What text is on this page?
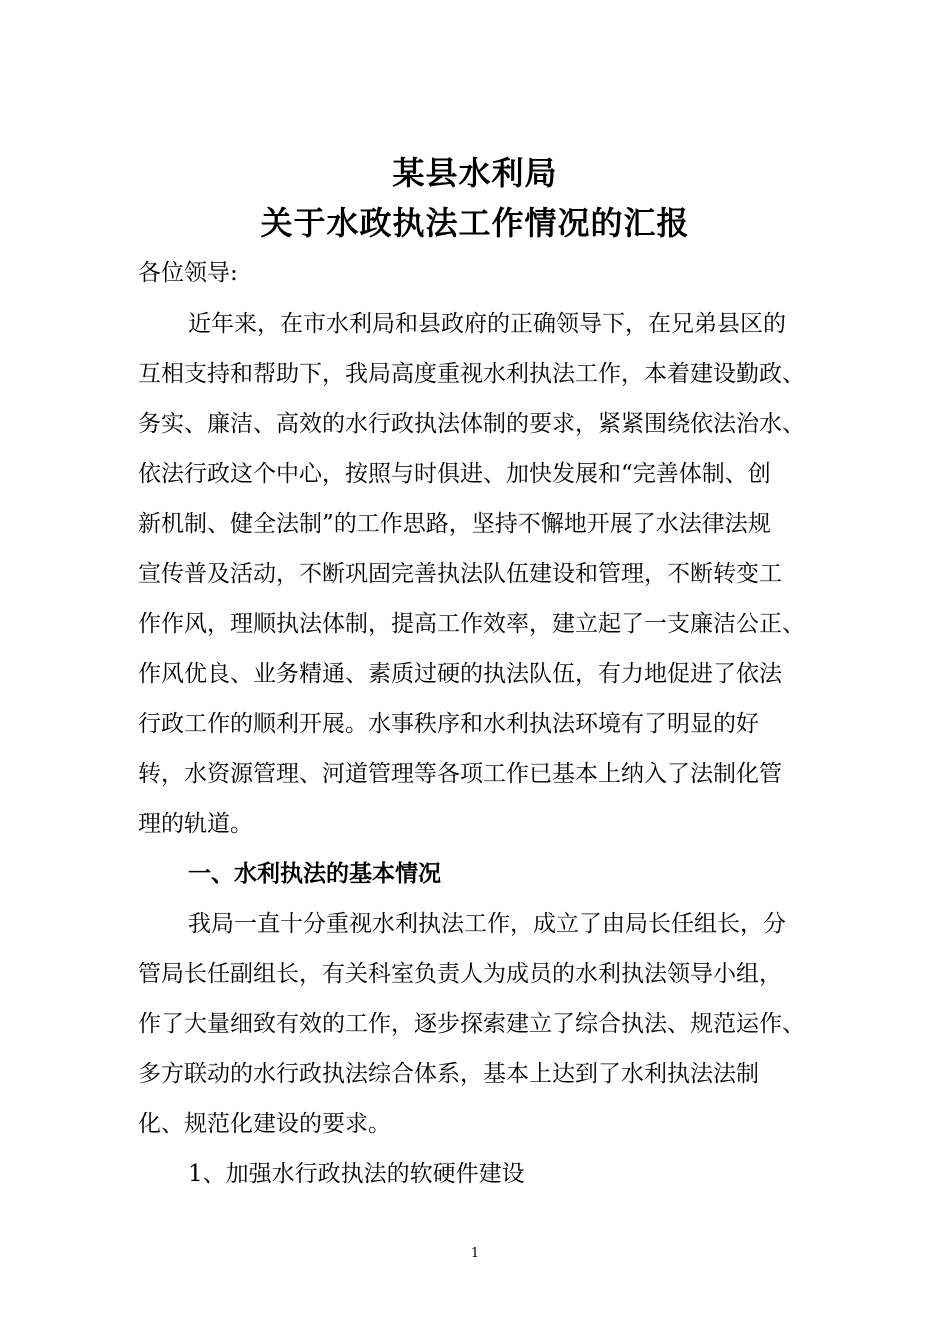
某县水利局
关于水政执法工作情况的汇报
各位领导:
近年来，在市水利局和县政府的正确领导下，在兄弟县区的
互相支持和帮助下，我局高度重视水利执法工作，本着建设勤政、
务实、廉洁、高效的水行政执法体制的要求，紧紧围绕依法治水、
依法行政这个中心，按照与时俱进、加快发展和“完善体制、创
新机制、健全法制”的工作思路，坚持不懈地开展了水法律法规
宣传普及活动，不断巩固完善执法队伍建设和管理，不断转变工
作作风，理顺执法体制，提高工作效率，建立起了一支廉洁公正、
作风优良、业务精通、素质过硬的执法队伍，有力地促进了依法
行政工作的顺利开展。水事秩序和水利执法环境有了明显的好
转，水资源管理、河道管理等各项工作已基本上纳入了法制化管
理的轨道。
一、水利执法的基本情况
我局一直十分重视水利执法工作，成立了由局长任组长，分
管局长任副组长，有关科室负责人为成员的水利执法领导小组，
作了大量细致有效的工作，逐步探索建立了综合执法、规范运作、
多方联动的水行政执法综合体系，基本上达到了水利执法法制
化、规范化建设的要求。
1、加强水行政执法的软硬件建设
1
